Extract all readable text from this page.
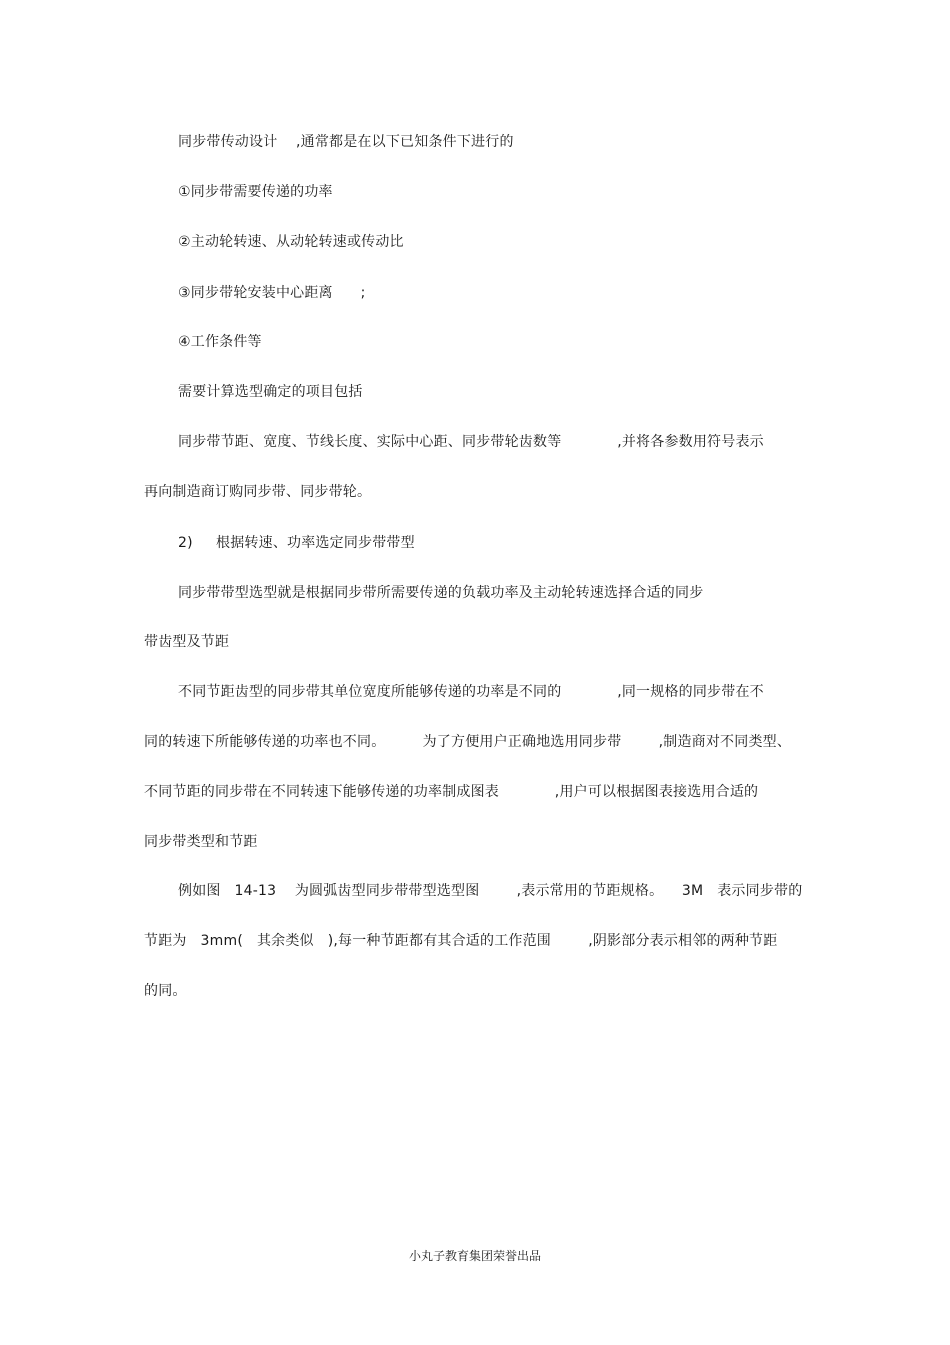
同步带传动设计    ,通常都是在以下已知条件下进行的
①同步带需要传递的功率
②主动轮转速、从动轮转速或传动比
③同步带轮安装中心距离      ;
④工作条件等
需要计算选型确定的项目包括
同步带节距、宽度、节线长度、实际中心距、同步带轮齿数等            ,并将各参数用符号表示
再向制造商订购同步带、同步带轮。
2)     根据转速、功率选定同步带带型
同步带带型选型就是根据同步带所需要传递的负载功率及主动轮转速选择合适的同步
带齿型及节距
不同节距齿型的同步带其单位宽度所能够传递的功率是不同的            ,同一规格的同步带在不
同的转速下所能够传递的功率也不同。        为了方便用户正确地选用同步带        ,制造商对不同类型、
不同节距的同步带在不同转速下能够传递的功率制成图表            ,用户可以根据图表接选用合适的
同步带类型和节距
例如图   14-13    为圆弧齿型同步带带型选型图        ,表示常用的节距规格。    3M   表示同步带的
节距为   3mm(   其余类似   ),每一种节距都有其合适的工作范围        ,阴影部分表示相邻的两种节距
的同。
小丸子教育集团荣誉出品
